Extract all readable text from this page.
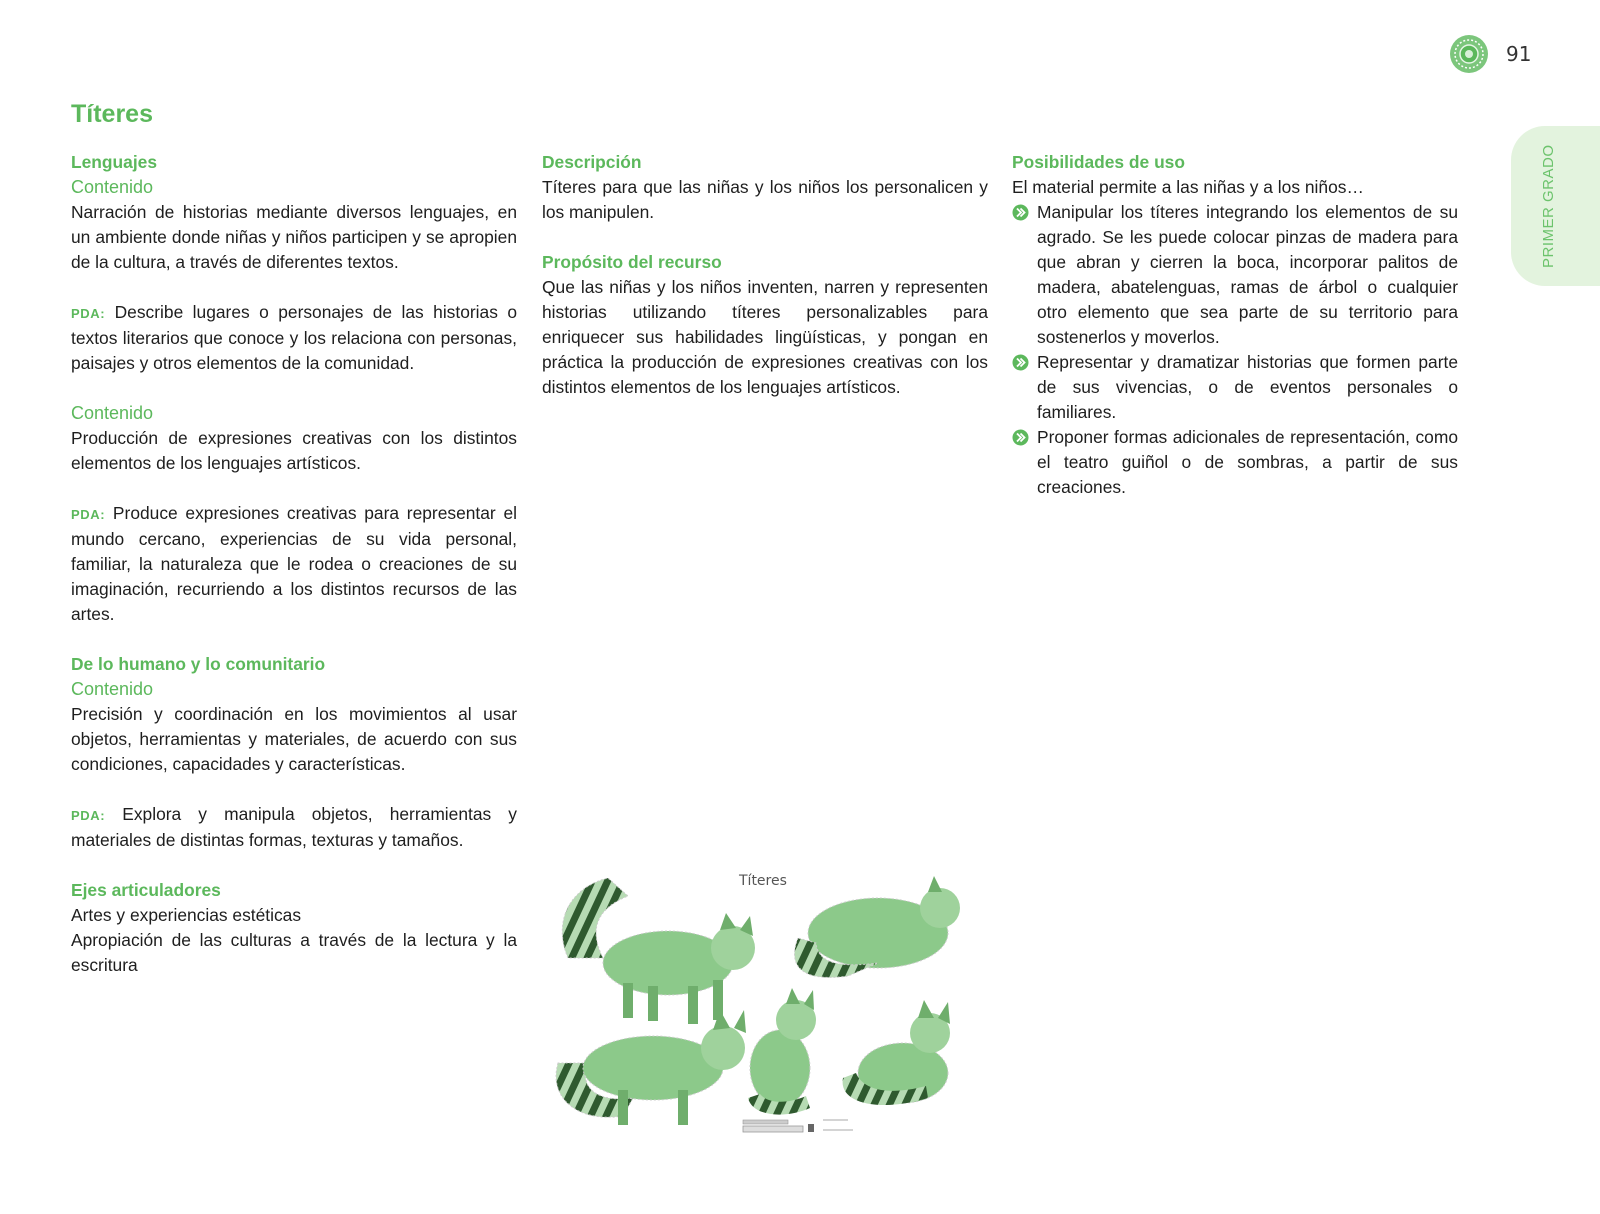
91
PRIMER GRADO
Títeres
Lenguajes
Contenido

Narración de historias mediante diversos lenguajes, en un ambiente donde niñas y niños participen y se apropien de la cultura, a través de diferentes textos.

PDA: Describe lugares o personajes de las historias o textos literarios que conoce y los relaciona con personas, paisajes y otros elementos de la comunidad.

Contenido

Producción de expresiones creativas con los distintos elementos de los lenguajes artísticos.

PDA: Produce expresiones creativas para representar el mundo cercano, experiencias de su vida personal, familiar, la naturaleza que le rodea o creaciones de su imaginación, recurriendo a los distintos recursos de las artes.

De lo humano y lo comunitario
Contenido

Precisión y coordinación en los movimientos al usar objetos, herramientas y materiales, de acuerdo con sus condiciones, capacidades y características.

PDA: Explora y manipula objetos, herramientas y materiales de distintas formas, texturas y tamaños.

Ejes articuladores

Artes y experiencias estéticas

Apropiación de las culturas a través de la lectura y la escritura

Descripción

Títeres para que las niñas y los niños los personalicen y los manipulen.

Propósito del recurso

Que las niñas y los niños inventen, narren y representen historias utilizando títeres personalizables para enriquecer sus habilidades lingüísticas, y pongan en práctica la producción de expresiones creativas con los distintos elementos de los lenguajes artísticos.

Títeres
Posibilidades de uso

El material permite a las niñas y a los niños…

Manipular los títeres integrando los elementos de su agrado. Se les puede colocar pinzas de madera para que abran y cierren la boca, incorporar palitos de madera, abatelenguas, ramas de árbol o cualquier otro elemento que sea parte de su territorio para sostenerlos y moverlos.
Representar y dramatizar historias que formen parte de sus vivencias, o de eventos personales o familiares.
Proponer formas adicionales de representación, como el teatro guiñol o de sombras, a partir de sus creaciones.
